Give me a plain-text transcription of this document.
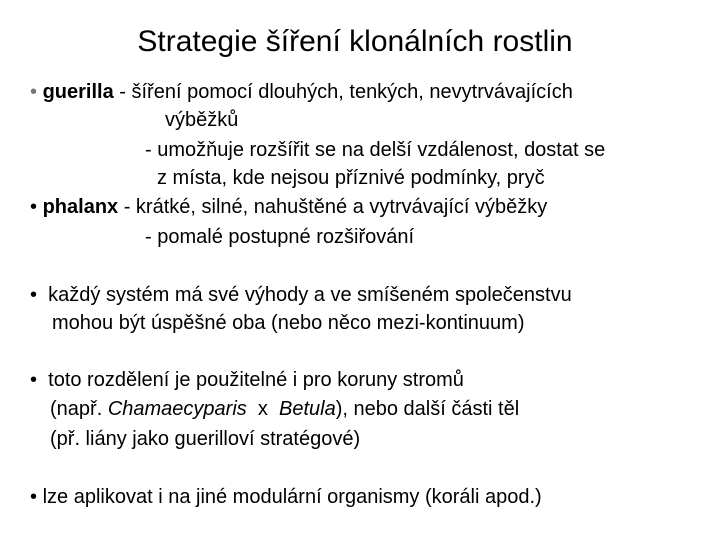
Strategie šíření klonálních rostlin
• guerilla - šíření pomocí dlouhých, tenkých, nevytrvávajících
výběžků
- umožňuje rozšířit se na delší vzdálenost, dostat se
z místa, kde nejsou příznivé podmínky, pryč
• phalanx - krátké, silné, nahuštěné a vytrvávající výběžky
- pomalé postupné rozšiřování
• každý systém má své výhody a ve smíšeném společenstvu
mohou být úspěšné oba (nebo něco mezi-kontinuum)
• toto rozdělení je použitelné i pro koruny stromů
(např. Chamaecyparis  x  Betula), nebo další části těl
(př. liány jako guerilloví stratégové)
• lze aplikovat i na jiné modulární organismy (koráli apod.)
